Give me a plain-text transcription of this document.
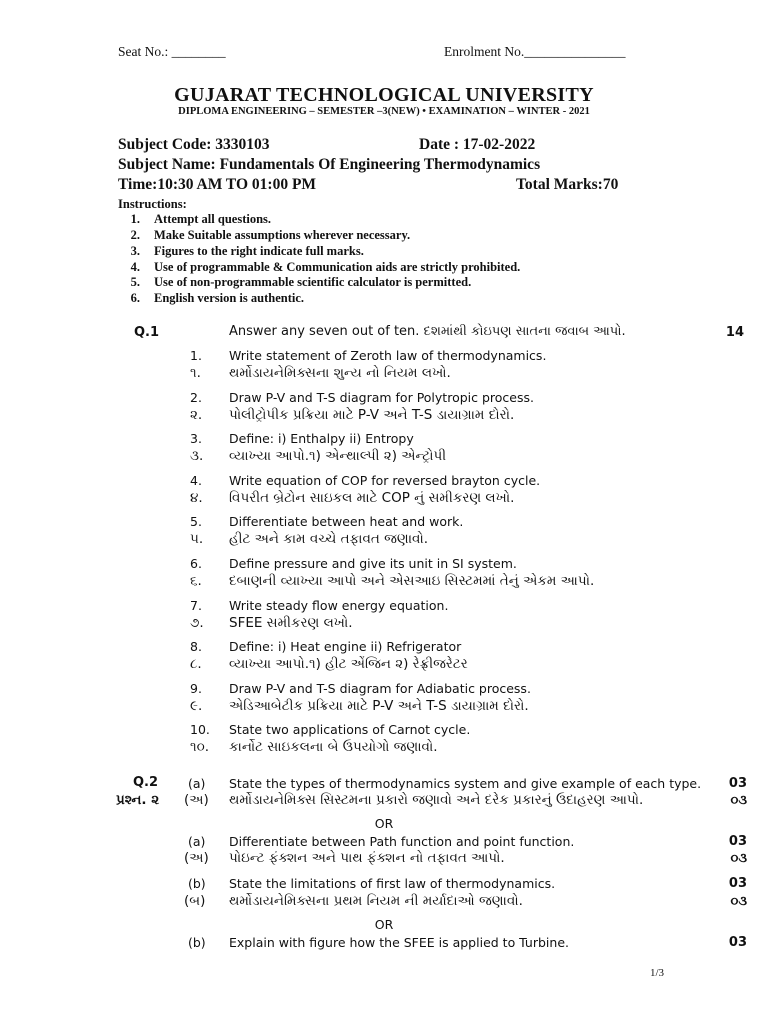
Seat No.: ________	Enrolment No._______________
GUJARAT TECHNOLOGICAL UNIVERSITY
DIPLOMA ENGINEERING – SEMESTER –3(NEW) • EXAMINATION – WINTER - 2021
Subject Code: 3330103	Date : 17-02-2022
Subject Name: Fundamentals Of Engineering Thermodynamics
Time:10:30 AM TO 01:00 PM	Total Marks:70
Instructions:
1. Attempt all questions.
2. Make Suitable assumptions wherever necessary.
3. Figures to the right indicate full marks.
4. Use of programmable & Communication aids are strictly prohibited.
5. Use of non-programmable scientific calculator is permitted.
6. English version is authentic.
Q.1	Answer any seven out of ten. દશમાંથી કોઇપણ સાતના જવાબ આપો.	14
1. Write statement of Zeroth law of thermodynamics.
૧. થર્મોડાયનેમિક્સના શુન્ય નો નિયમ લખો.
2. Draw P-V and T-S diagram for Polytropic process.
૨. પોલીટ્રોપીક પ્રક્રિયા માટે P-V અને T-S ડાયાગ્રામ દોરો.
3. Define: i) Enthalpy ii) Entropy
૩. વ્યાખ્યા આપો.૧) એન્થાલ્પી ૨) એન્ટ્રોપી
4. Write equation of COP for reversed brayton cycle.
૪. વિપરીત બ્રેટોન સાઇકલ માટે COP નું સમીકરણ લખો.
5. Differentiate between heat and work.
૫. હીટ અને કામ વચ્ચે તફાવત જણાવો.
6. Define pressure and give its unit in SI system.
૬. દબાણની વ્યાખ્યા આપો અને એસઆઇ સિસ્ટમમાં તેનું એકમ આપો.
7. Write steady flow energy equation.
૭. SFEE સમીકરણ લખો.
8. Define: i) Heat engine ii) Refrigerator
૮. વ્યાખ્યા આપો.૧) હીટ એંજિન ૨) રેફ્રીજરેટર
9. Draw P-V and T-S diagram for Adiabatic process.
૯. એડિઆબેટીક પ્રક્રિયા માટે P-V અને T-S ડાયાગ્રામ દોરો.
10. State two applications of Carnot cycle.
૧૦. કાર્નોટ સાઇકલના બે ઉપયોગો જણાવો.
Q.2
પ્રશ્ન. ૨
(a) State the types of thermodynamics system and give example of each type.	03
(અ) થર્મોડાયનેમિક્સ સિસ્ટમના પ્રકારો જણાવો અને દરેક પ્રકારનું ઉદાહરણ આપો.	૦૩
OR
(a) Differentiate between Path function and point function.	03
(અ) પોઇન્ટ ફંક્શન અને પાથ ફંક્શન નો તફાવત આપો.	૦૩
(b) State the limitations of first law of thermodynamics.	03
(બ) થર્મોડાયનેમિક્સના પ્રથમ નિયમ ની મર્યાદાઓ જણાવો.	૦૩
OR
(b) Explain with figure how the SFEE is applied to Turbine.	03
1/3
